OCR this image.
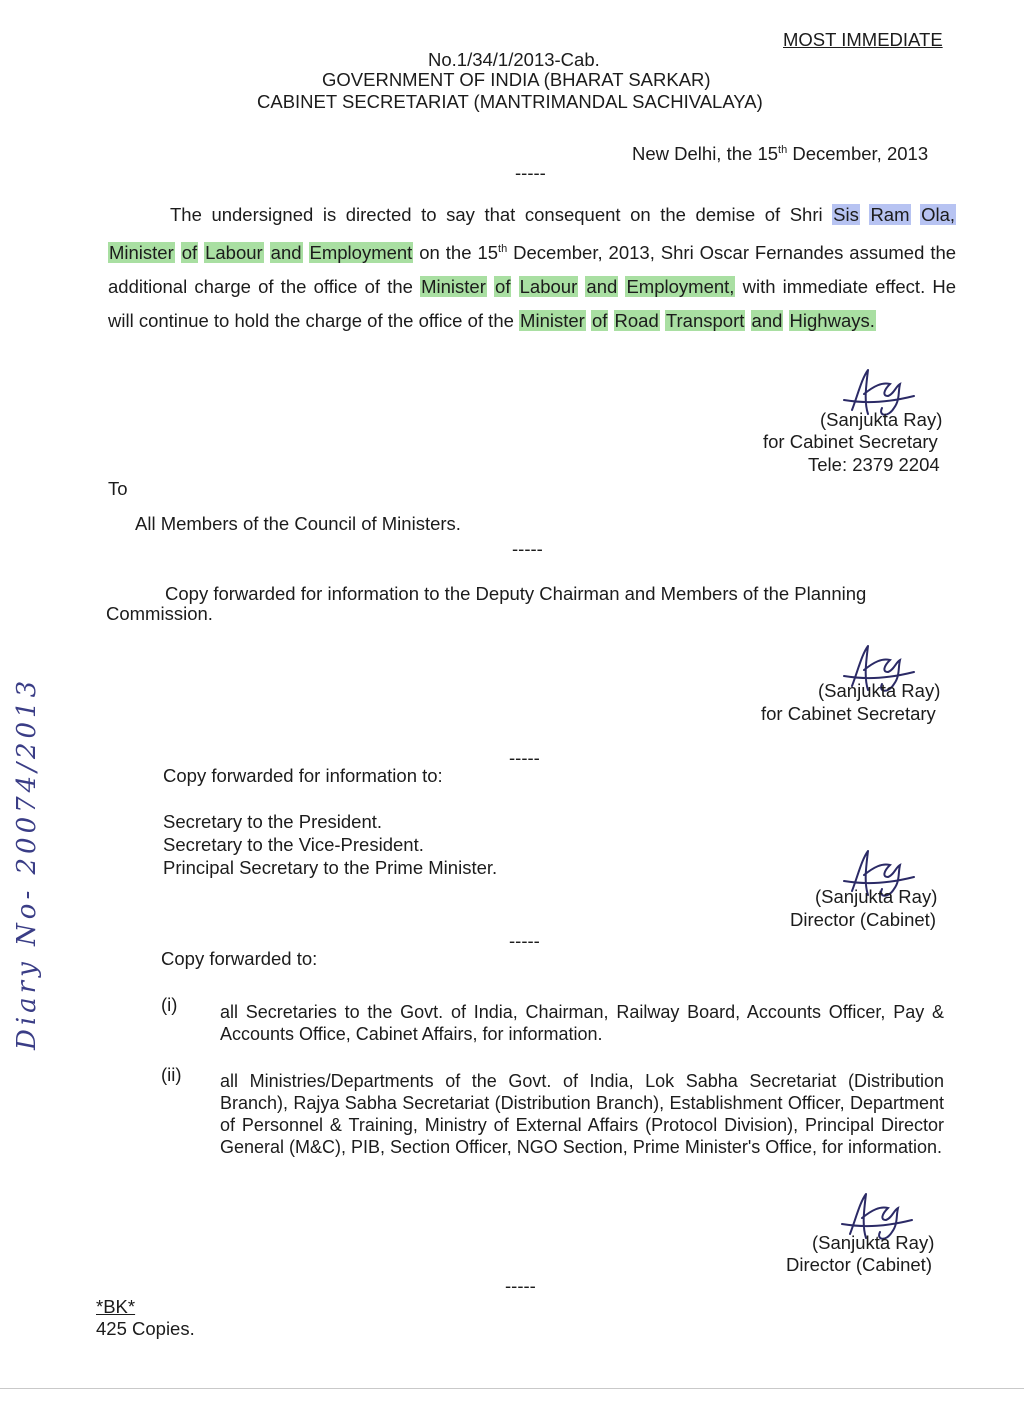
MOST IMMEDIATE
No.1/34/1/2013-Cab.
GOVERNMENT OF INDIA (BHARAT SARKAR)
CABINET SECRETARIAT (MANTRIMANDAL SACHIVALAYA)
New Delhi, the 15th December, 2013
-----

The undersigned is directed to say that consequent on the demise of Shri Sis Ram Ola, Minister of Labour and Employment on the 15th December, 2013, Shri Oscar Fernandes assumed the additional charge of the office of the Minister of Labour and Employment, with immediate effect. He will continue to hold the charge of the office of the Minister of Road Transport and Highways.

(Sanjukta Ray)
for Cabinet Secretary
Tele: 2379 2204
To
All Members of the Council of Ministers.
-----
Copy forwarded for information to the Deputy Chairman and Members of the Planning
Commission.
(Sanjukta Ray)
for Cabinet Secretary
-----
Copy forwarded for information to:
Secretary to the President.
Secretary to the Vice-President.
Principal Secretary to the Prime Minister.
(Sanjukta Ray)
Director (Cabinet)
-----
Copy forwarded to:
(i) all Secretaries to the Govt. of India, Chairman, Railway Board, Accounts Officer, Pay & Accounts Office, Cabinet Affairs, for information.
(ii) all Ministries/Departments of the Govt. of India, Lok Sabha Secretariat (Distribution Branch), Rajya Sabha Secretariat (Distribution Branch), Establishment Officer, Department of Personnel & Training, Ministry of External Affairs (Protocol Division), Principal Director General (M&C), PIB, Section Officer, NGO Section, Prime Minister's Office, for information.
(Sanjukta Ray)
Director (Cabinet)
-----
*BK*
425 Copies.
Diary No- 20074/2013
